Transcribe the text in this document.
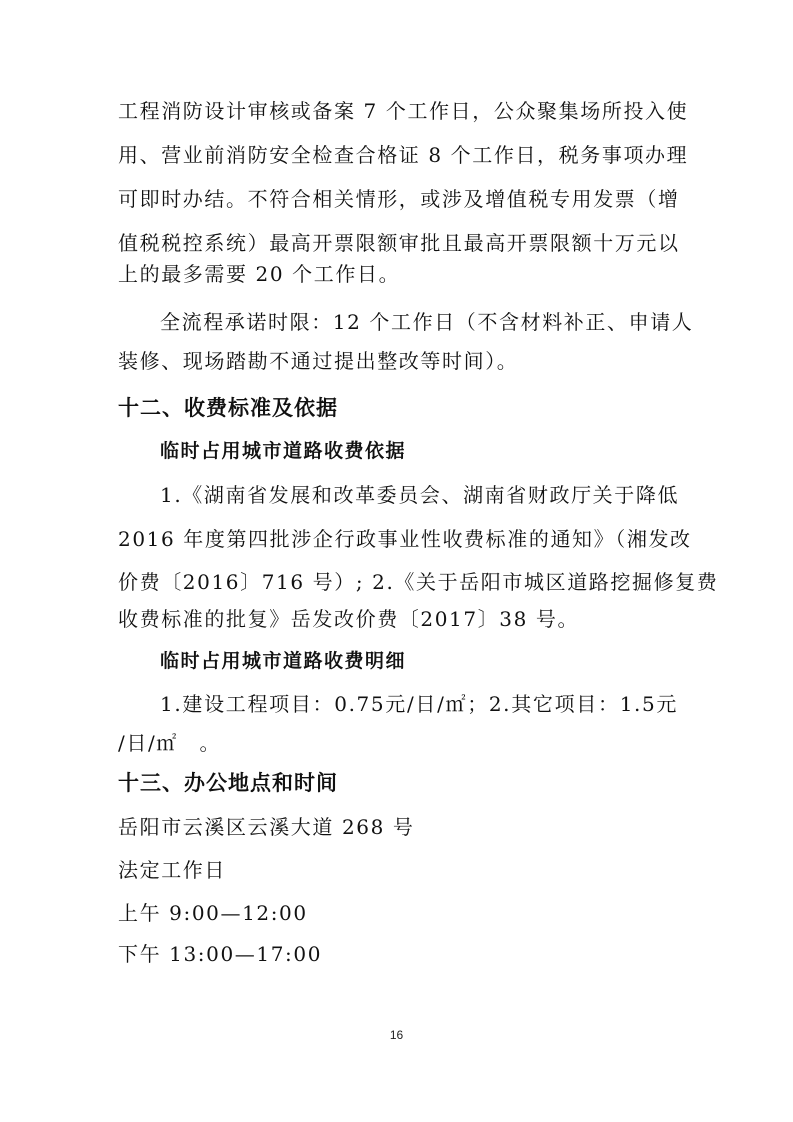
工程消防设计审核或备案 7 个工作日，公众聚集场所投入使
用、营业前消防安全检查合格证 8 个工作日，税务事项办理
可即时办结。不符合相关情形，或涉及增值税专用发票（增
值税税控系统）最高开票限额审批且最高开票限额十万元以
上的最多需要 20 个工作日。
全流程承诺时限：12 个工作日（不含材料补正、申请人
装修、现场踏勘不通过提出整改等时间）。
十二、收费标准及依据
临时占用城市道路收费依据
1.《湖南省发展和改革委员会、湖南省财政厅关于降低
2016 年度第四批涉企行政事业性收费标准的通知》（湘发改
价费〔2016〕716 号）; 2.《关于岳阳市城区道路挖掘修复费
收费标准的批复》岳发改价费〔2017〕38 号。
临时占用城市道路收费明细
1.建设工程项目：0.75元/日/㎡；2.其它项目：1.5元
/日/㎡　。
十三、办公地点和时间
岳阳市云溪区云溪大道 268 号
法定工作日
上午 9:00—12:00
下午 13:00—17:00
16
